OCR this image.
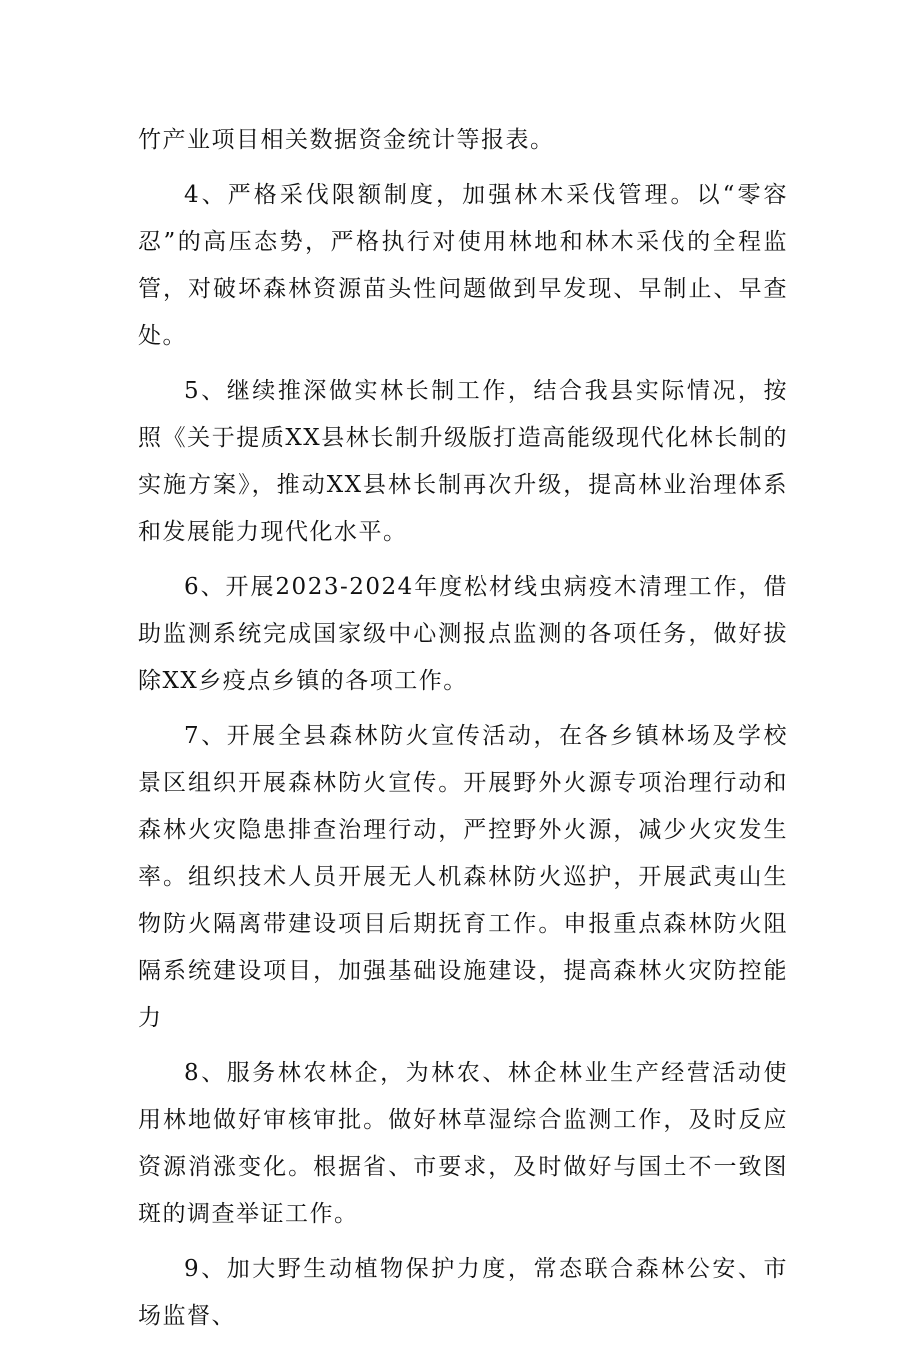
竹产业项目相关数据资金统计等报表。

4、严格采伐限额制度，加强林木采伐管理。以“零容忍”的高压态势，严格执行对使用林地和林木采伐的全程监管，对破坏森林资源苗头性问题做到早发现、早制止、早查处。

5、继续推深做实林长制工作，结合我县实际情况，按照《关于提质XX县林长制升级版打造高能级现代化林长制的实施方案》，推动XX县林长制再次升级，提高林业治理体系和发展能力现代化水平。

6、开展2023-2024年度松材线虫病疫木清理工作，借助监测系统完成国家级中心测报点监测的各项任务，做好拔除XX乡疫点乡镇的各项工作。

7、开展全县森林防火宣传活动，在各乡镇林场及学校景区组织开展森林防火宣传。开展野外火源专项治理行动和森林火灾隐患排查治理行动，严控野外火源，减少火灾发生率。组织技术人员开展无人机森林防火巡护，开展武夷山生物防火隔离带建设项目后期抚育工作。申报重点森林防火阻隔系统建设项目，加强基础设施建设，提高森林火灾防控能力

8、服务林农林企，为林农、林企林业生产经营活动使用林地做好审核审批。做好林草湿综合监测工作，及时反应资源消涨变化。根据省、市要求，及时做好与国土不一致图斑的调查举证工作。

9、加大野生动植物保护力度，常态联合森林公安、市场监督、
